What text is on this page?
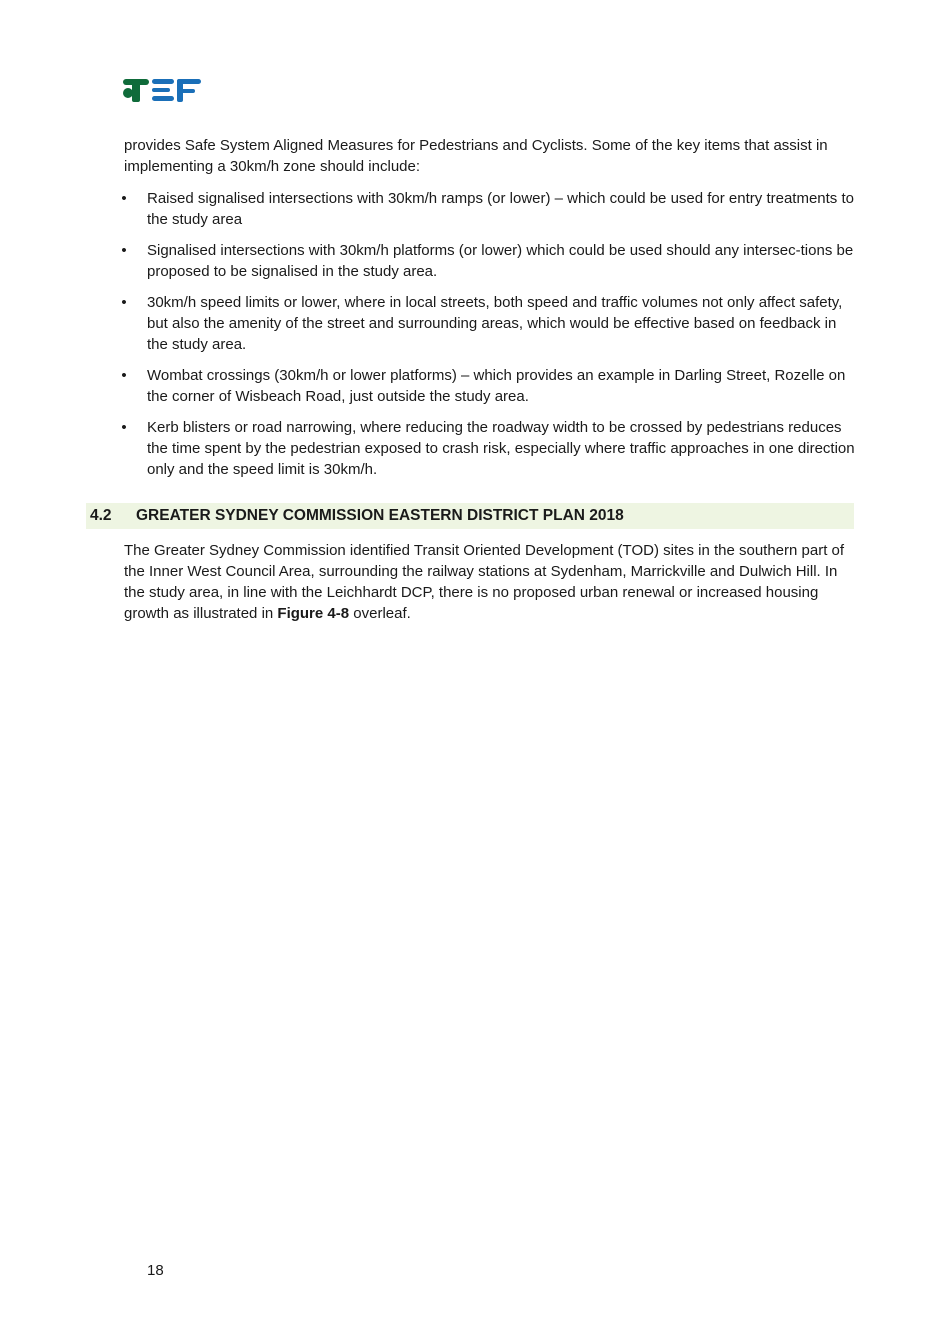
provides Safe System Aligned Measures for Pedestrians and Cyclists. Some of the key items that assist in implementing a 30km/h zone should include:

• Raised signalised intersections with 30km/h ramps (or lower) – which could be used for entry treatments to the study area
• Signalised intersections with 30km/h platforms (or lower) which could be used should any intersec-tions be proposed to be signalised in the study area.
• 30km/h speed limits or lower, where in local streets, both speed and traffic volumes not only affect safety, but also the amenity of the street and surrounding areas, which would be effective based on feedback in the study area.
• Wombat crossings (30km/h or lower platforms) – which provides an example in Darling Street, Rozelle on the corner of Wisbeach Road, just outside the study area.
• Kerb blisters or road narrowing, where reducing the roadway width to be crossed by pedestrians reduces the time spent by the pedestrian exposed to crash risk, especially where traffic approaches in one direction only and the speed limit is 30km/h.
4.2 GREATER SYDNEY COMMISSION EASTERN DISTRICT PLAN 2018

The Greater Sydney Commission identified Transit Oriented Development (TOD) sites in the southern part of the Inner West Council Area, surrounding the railway stations at Sydenham, Marrickville and Dulwich Hill. In the study area, in line with the Leichhardt DCP, there is no proposed urban renewal or increased housing growth as illustrated in Figure 4-8 overleaf.

18
